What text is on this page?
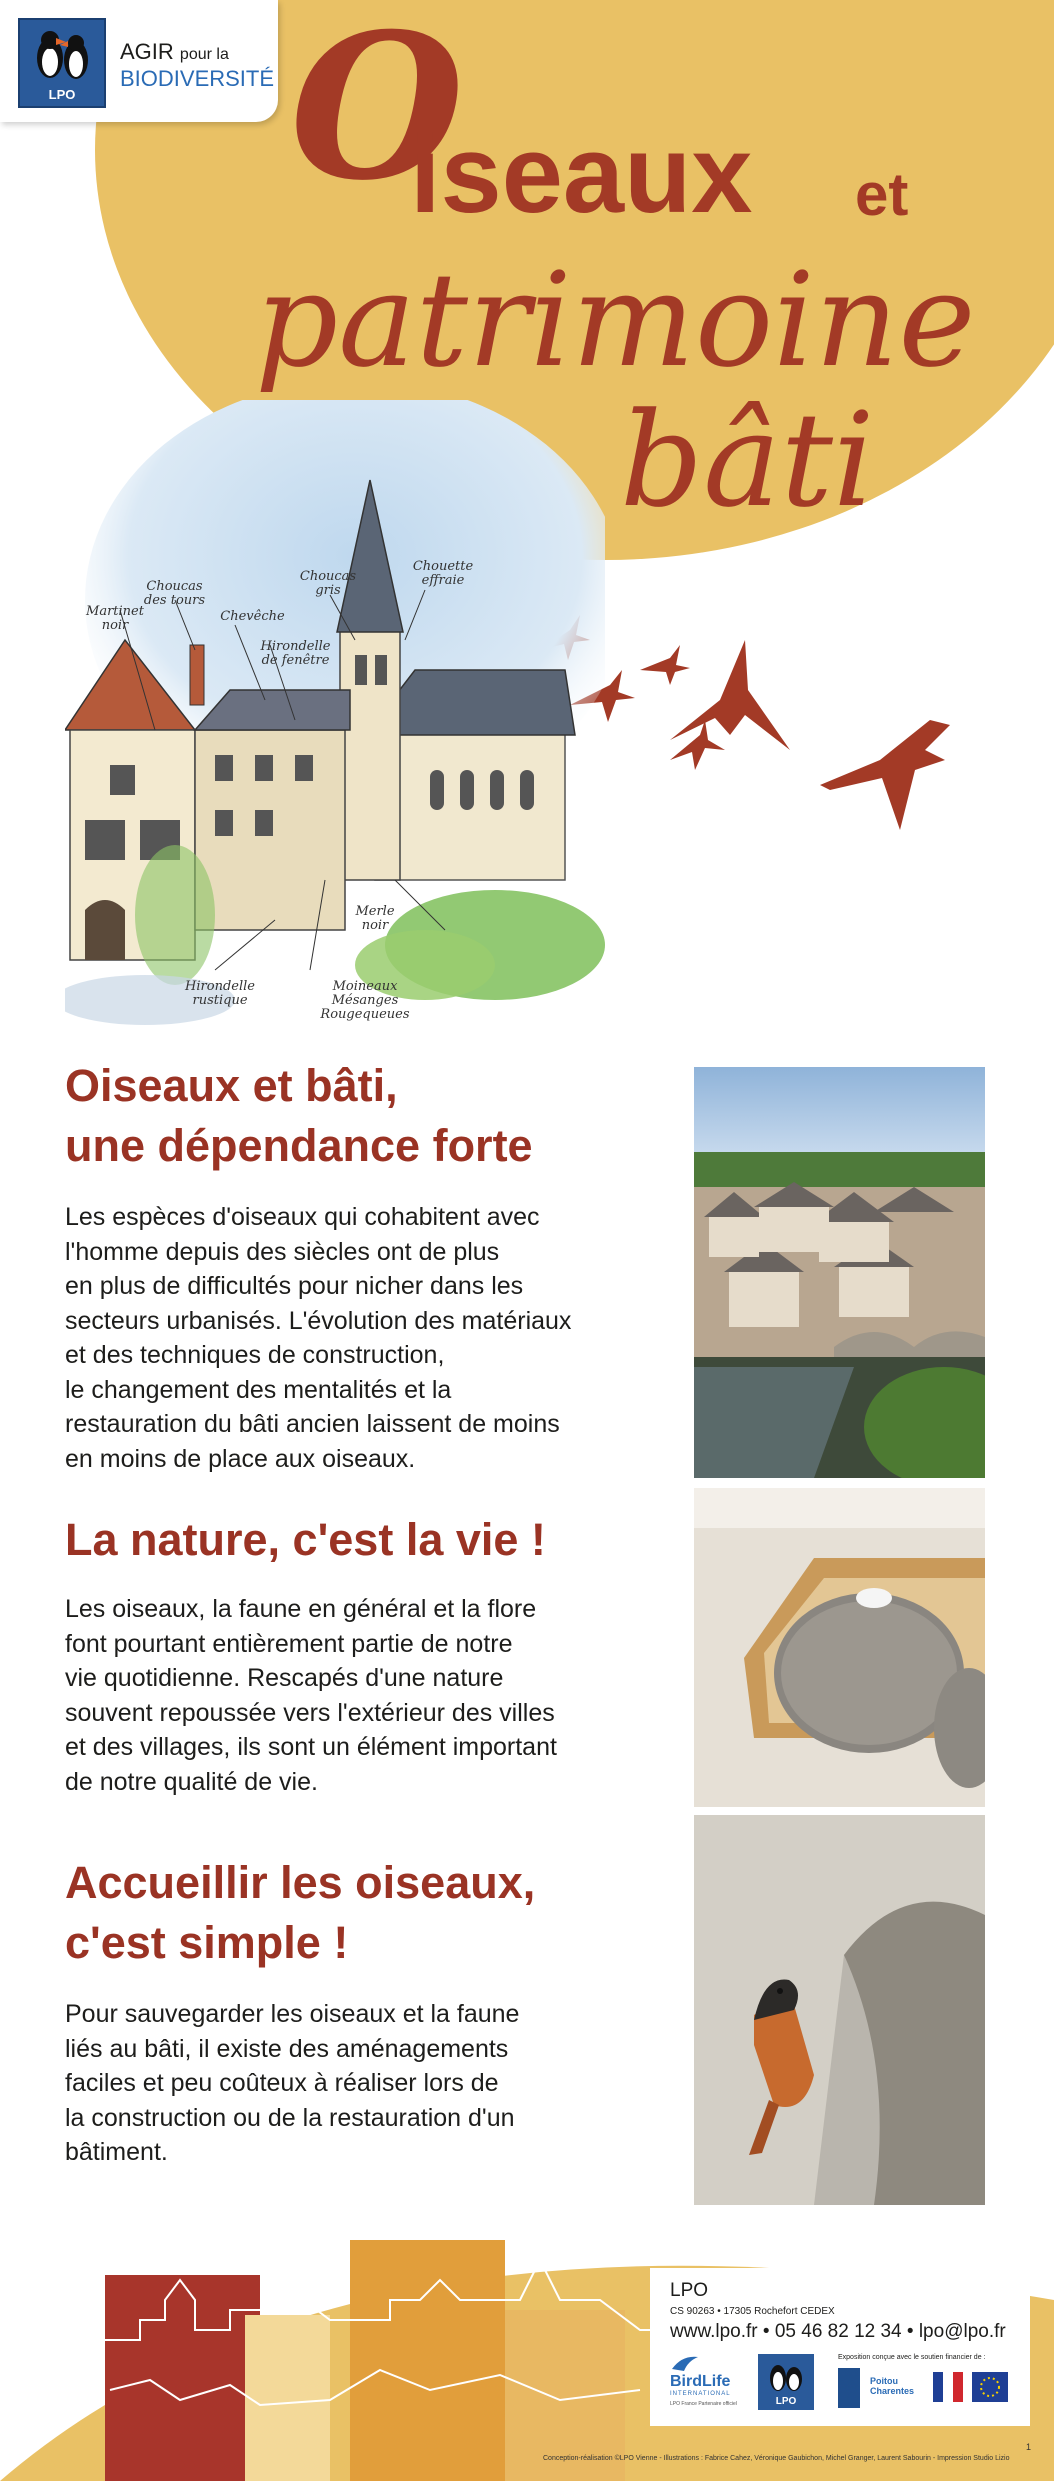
LPO
AGIR pour la
BIODIVERSITÉ O
iseaux et
patrimoine
bâti
Martinet noir
Choucas des tours
Chevêche
Hirondelle de fenêtre
Choucas gris
Chouette effraie
Merle noir
Hirondelle rustique
Moineaux Mésanges Rougequeues
Oiseaux et bâti,
une dépendance forte
Les espèces d'oiseaux qui cohabitent avec
l'homme depuis des siècles ont de plus
en plus de difficultés pour nicher dans les
secteurs urbanisés. L'évolution des matériaux
et des techniques de construction,
le changement des mentalités et la
restauration du bâti ancien laissent de moins
en moins de place aux oiseaux.
La nature, c'est la vie !
Les oiseaux, la faune en général et la flore
font pourtant entièrement partie de notre
vie quotidienne. Rescapés d'une nature
souvent repoussée vers l'extérieur des villes
et des villages, ils sont un élément important
de notre qualité de vie.
Accueillir les oiseaux,
c'est simple !
Pour sauvegarder les oiseaux et la faune
liés au bâti, il existe des aménagements
faciles et peu coûteux à réaliser lors de
la construction ou de la restauration d'un
bâtiment.
LPO
CS 90263 • 17305 Rochefort CEDEX
www.lpo.fr • 05 46 82 12 34 • lpo@lpo.fr
BirdLife
INTERNATIONAL
LPO France Partenaire officiel	LPO
Exposition conçue avec le soutien financier de :
Poitou Charentes
Conception-réalisation ©LPO Vienne - Illustrations : Fabrice Cahez, Véronique Gaubichon, Michel Granger, Laurent Sabourin - Impression Studio Lizio
1
